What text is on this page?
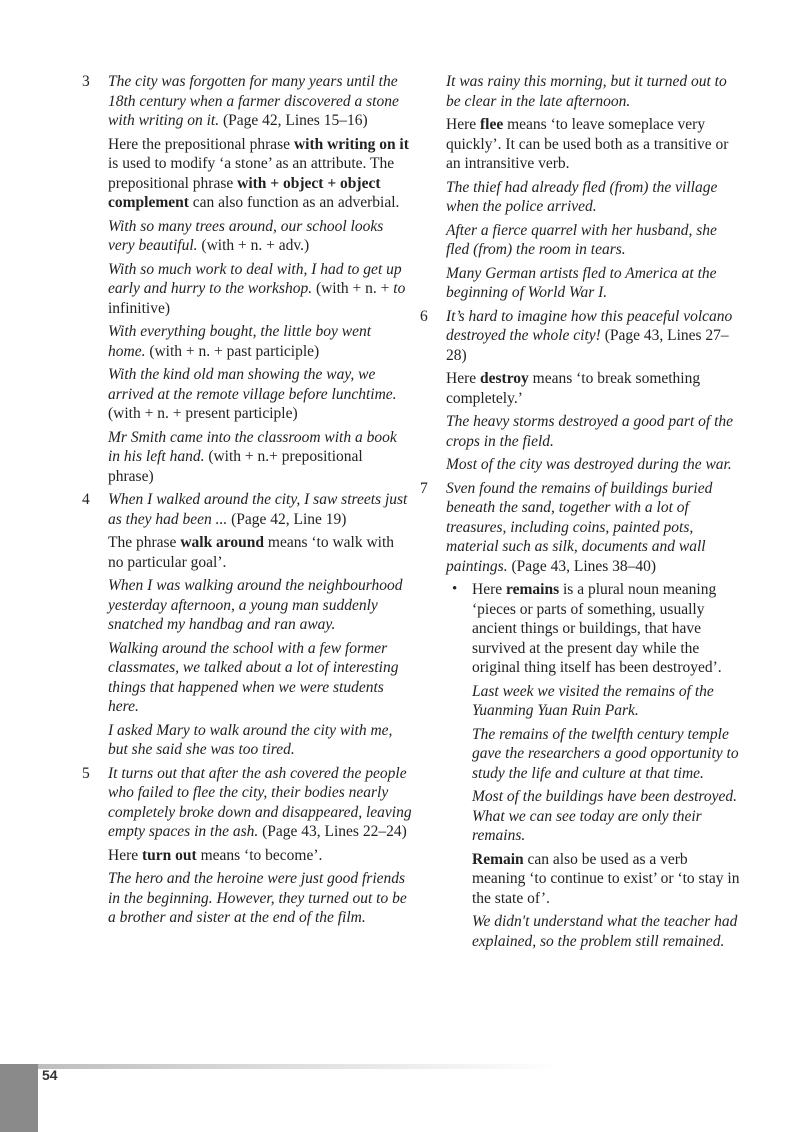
3	The city was forgotten for many years until the 18th century when a farmer discovered a stone with writing on it. (Page 42, Lines 15–16)

Here the prepositional phrase with writing on it is used to modify ‘a stone’ as an attribute. The prepositional phrase with + object + object complement can also function as an adverbial.

With so many trees around, our school looks very beautiful. (with + n. + adv.)

With so much work to deal with, I had to get up early and hurry to the workshop. (with + n. + to infinitive)

With everything bought, the little boy went home. (with + n. + past participle)

With the kind old man showing the way, we arrived at the remote village before lunchtime. (with + n. + present participle)

Mr Smith came into the classroom with a book in his left hand. (with + n.+ prepositional phrase)

4	When I walked around the city, I saw streets just as they had been ... (Page 42, Line 19)

The phrase walk around means ‘to walk with no particular goal’.

When I was walking around the neighbourhood yesterday afternoon, a young man suddenly snatched my handbag and ran away.

Walking around the school with a few former classmates, we talked about a lot of interesting things that happened when we were students here.

I asked Mary to walk around the city with me, but she said she was too tired.

5	It turns out that after the ash covered the people who failed to flee the city, their bodies nearly completely broke down and disappeared, leaving empty spaces in the ash. (Page 43, Lines 22–24)

Here turn out means ‘to become’.

The hero and the heroine were just good friends in the beginning. However, they turned out to be a brother and sister at the end of the film.

It was rainy this morning, but it turned out to be clear in the late afternoon.

Here flee means ‘to leave someplace very quickly’. It can be used both as a transitive or an intransitive verb.

The thief had already fled (from) the village when the police arrived.

After a fierce quarrel with her husband, she fled (from) the room in tears.

Many German artists fled to America at the beginning of World War I.

6	It’s hard to imagine how this peaceful volcano destroyed the whole city! (Page 43, Lines 27–28)

Here destroy means ‘to break something completely.’

The heavy storms destroyed a good part of the crops in the field.

Most of the city was destroyed during the war.

7	Sven found the remains of buildings buried beneath the sand, together with a lot of treasures, including coins, painted pots, material such as silk, documents and wall paintings. (Page 43, Lines 38–40)

• Here remains is a plural noun meaning ‘pieces or parts of something, usually ancient things or buildings, that have survived at the present day while the original thing itself has been destroyed’.

Last week we visited the remains of the Yuanming Yuan Ruin Park.

The remains of the twelfth century temple gave the researchers a good opportunity to study the life and culture at that time.

Most of the buildings have been destroyed. What we can see today are only their remains.

Remain can also be used as a verb meaning ‘to continue to exist’ or ‘to stay in the state of’.

We didn't understand what the teacher had explained, so the problem still remained.

54
